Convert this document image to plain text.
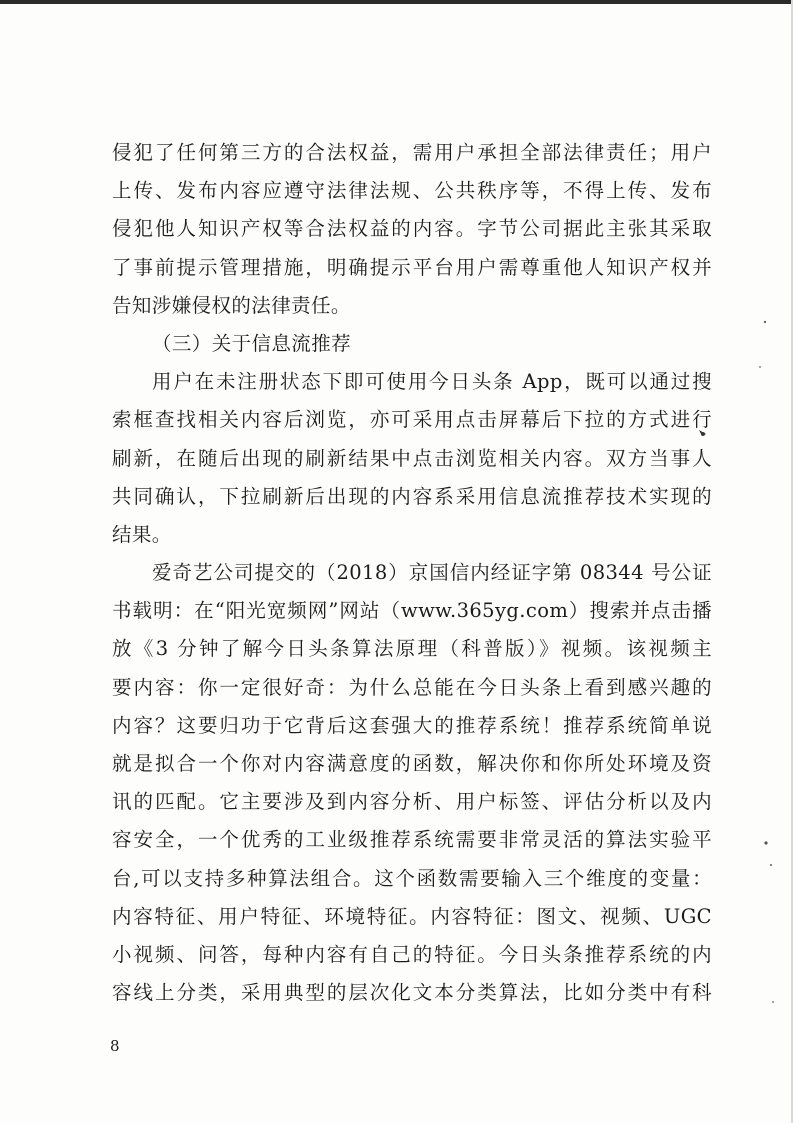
侵犯了任何第三方的合法权益，需用户承担全部法律责任；用户
上传、发布内容应遵守法律法规、公共秩序等，不得上传、发布
侵犯他人知识产权等合法权益的内容。字节公司据此主张其采取
了事前提示管理措施，明确提示平台用户需尊重他人知识产权并
告知涉嫌侵权的法律责任。
（三）关于信息流推荐
用户在未注册状态下即可使用今日头条 App，既可以通过搜
索框查找相关内容后浏览，亦可采用点击屏幕后下拉的方式进行
刷新，在随后出现的刷新结果中点击浏览相关内容。双方当事人
共同确认，下拉刷新后出现的内容系采用信息流推荐技术实现的
结果。
爱奇艺公司提交的（2018）京国信内经证字第 08344 号公证
书载明：在“阳光宽频网”网站（www.365yg.com）搜索并点击播
放《3 分钟了解今日头条算法原理（科普版）》视频。该视频主
要内容：你一定很好奇：为什么总能在今日头条上看到感兴趣的
内容？这要归功于它背后这套强大的推荐系统！推荐系统简单说
就是拟合一个你对内容满意度的函数，解决你和你所处环境及资
讯的匹配。它主要涉及到内容分析、用户标签、评估分析以及内
容安全，一个优秀的工业级推荐系统需要非常灵活的算法实验平
台,可以支持多种算法组合。这个函数需要输入三个维度的变量：
内容特征、用户特征、环境特征。内容特征：图文、视频、UGC
小视频、问答，每种内容有自己的特征。今日头条推荐系统的内
容线上分类，采用典型的层次化文本分类算法，比如分类中有科
8
